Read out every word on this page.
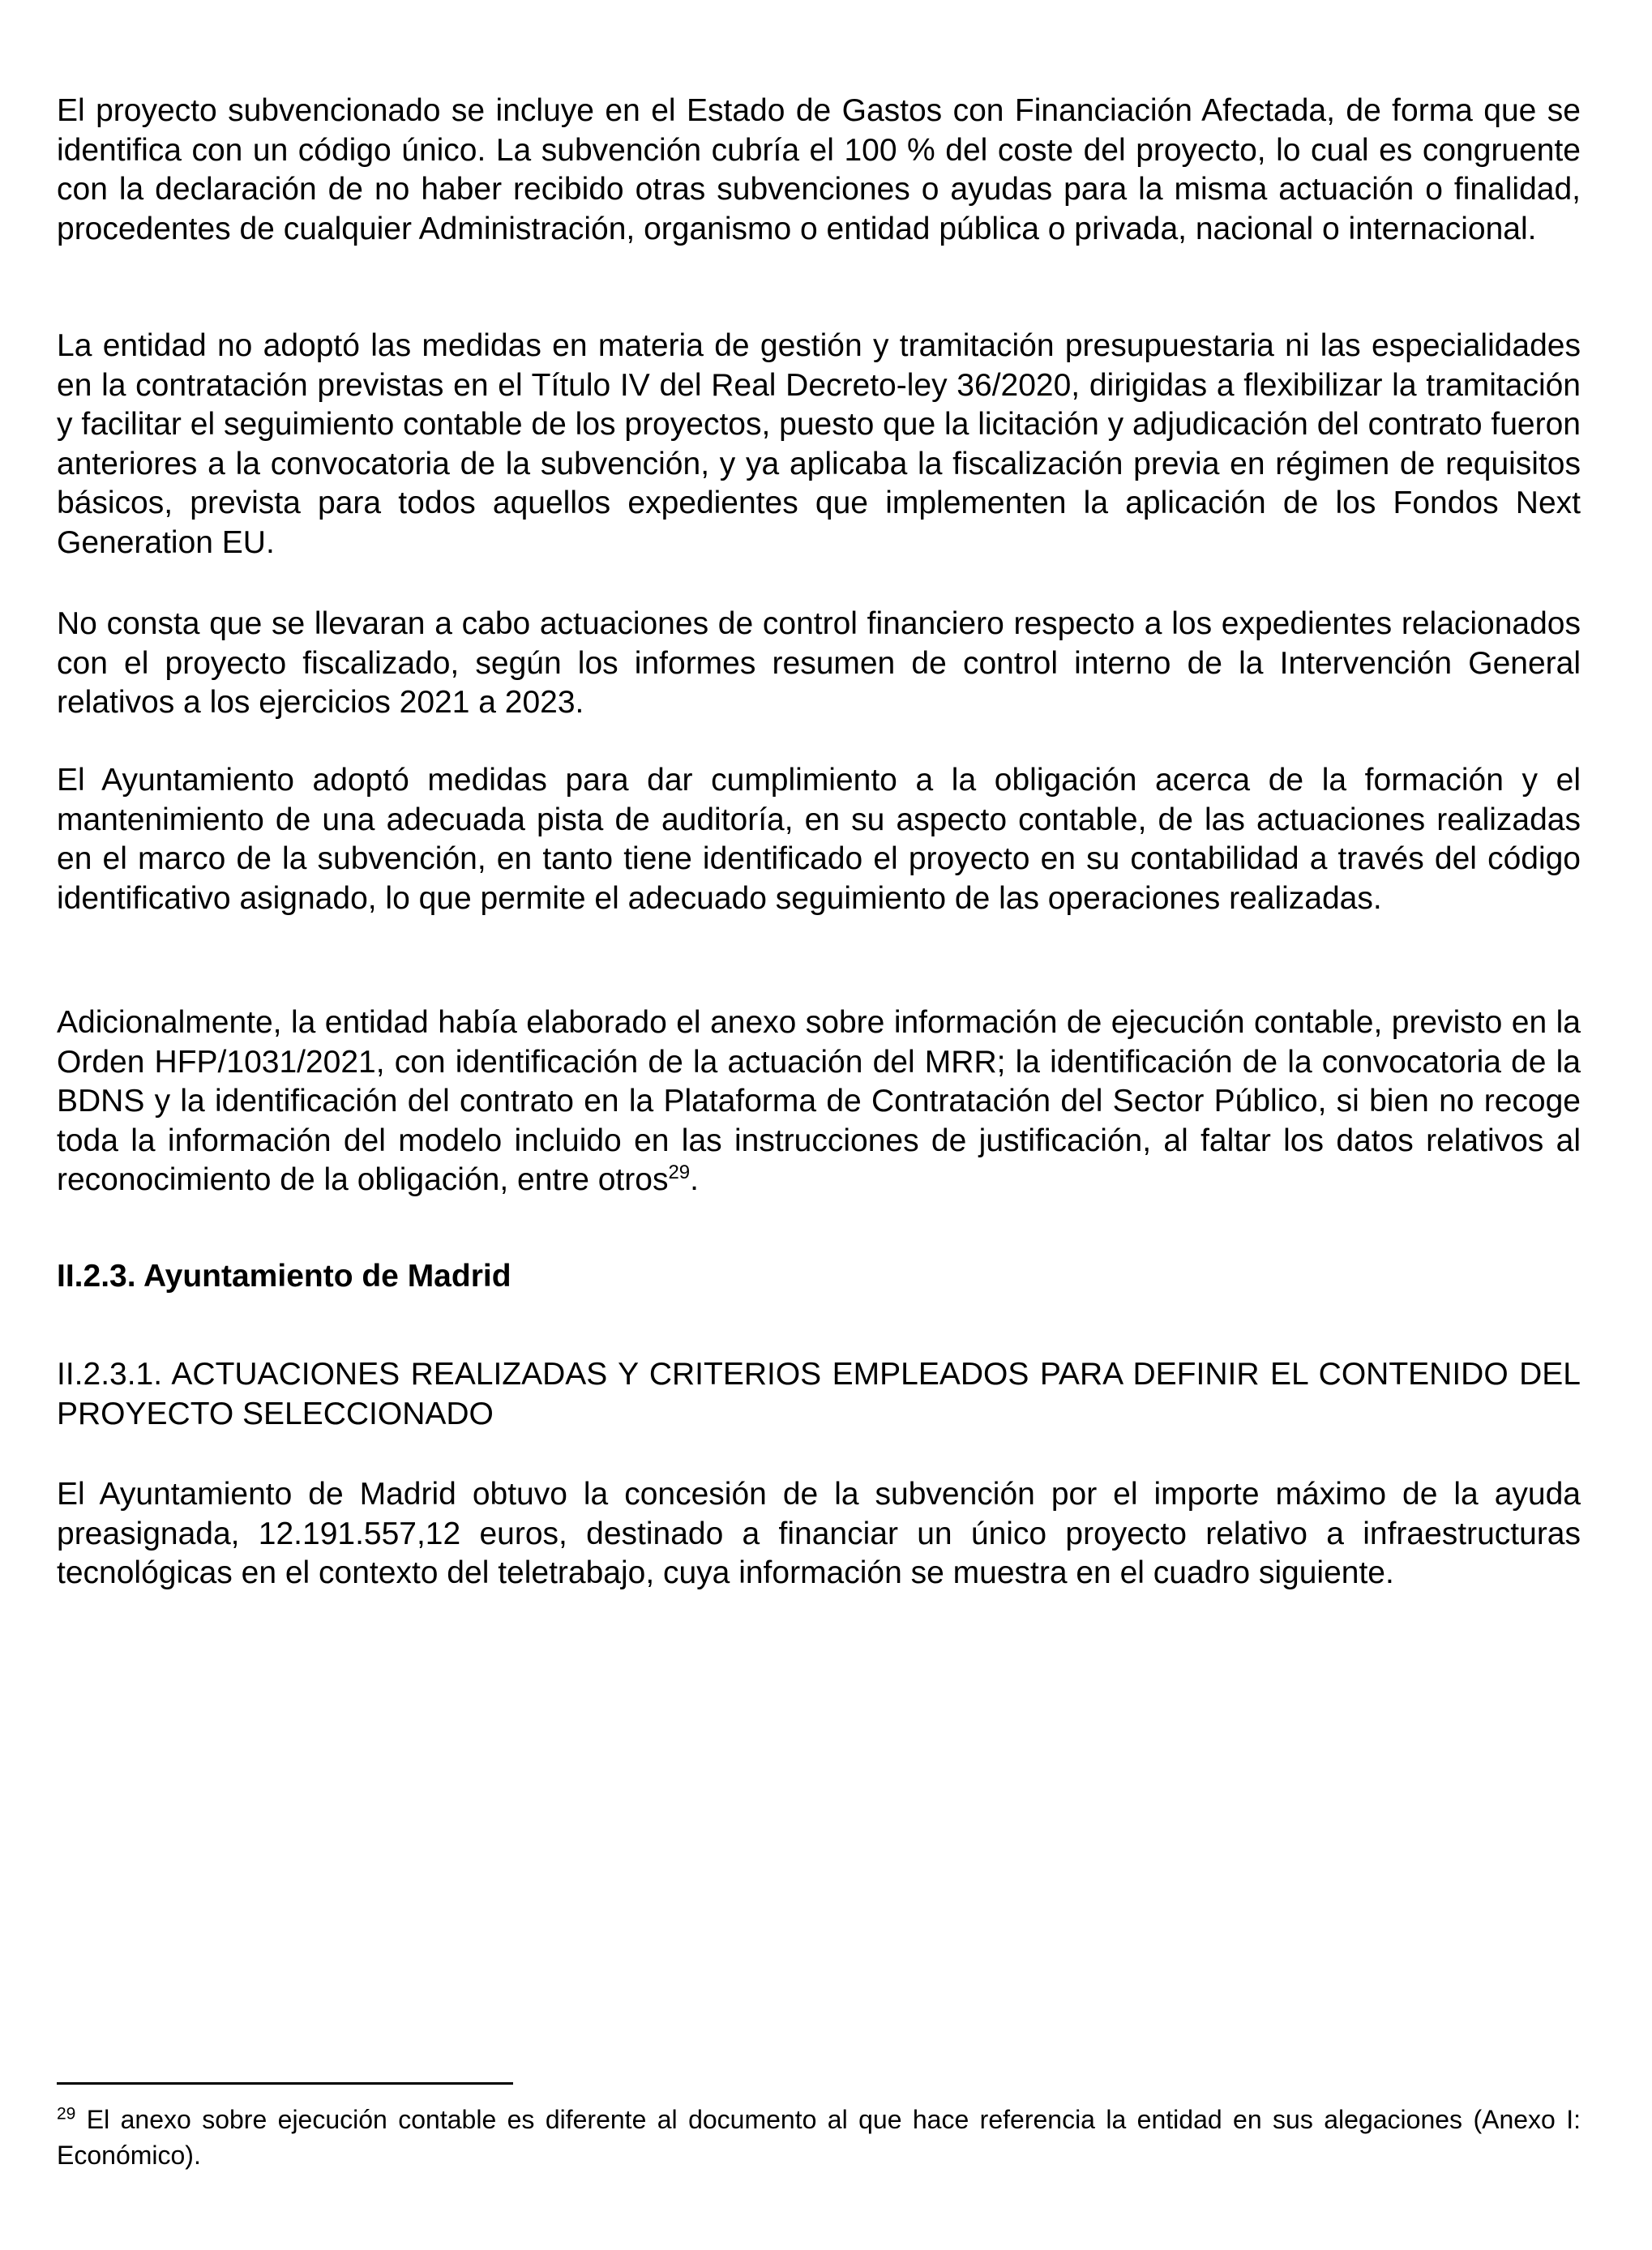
El proyecto subvencionado se incluye en el Estado de Gastos con Financiación Afectada, de forma que se identifica con un código único. La subvención cubría el 100 % del coste del proyecto, lo cual es congruente con la declaración de no haber recibido otras subvenciones o ayudas para la misma actuación o finalidad, procedentes de cualquier Administración, organismo o entidad pública o privada, nacional o internacional.
La entidad no adoptó las medidas en materia de gestión y tramitación presupuestaria ni las especialidades en la contratación previstas en el Título IV del Real Decreto-ley 36/2020, dirigidas a flexibilizar la tramitación y facilitar el seguimiento contable de los proyectos, puesto que la licitación y adjudicación del contrato fueron anteriores a la convocatoria de la subvención, y ya aplicaba la fiscalización previa en régimen de requisitos básicos, prevista para todos aquellos expedientes que implementen la aplicación de los Fondos Next Generation EU.
No consta que se llevaran a cabo actuaciones de control financiero respecto a los expedientes relacionados con el proyecto fiscalizado, según los informes resumen de control interno de la Intervención General relativos a los ejercicios 2021 a 2023.
El Ayuntamiento adoptó medidas para dar cumplimiento a la obligación acerca de la formación y el mantenimiento de una adecuada pista de auditoría, en su aspecto contable, de las actuaciones realizadas en el marco de la subvención, en tanto tiene identificado el proyecto en su contabilidad a través del código identificativo asignado, lo que permite el adecuado seguimiento de las operaciones realizadas.
Adicionalmente, la entidad había elaborado el anexo sobre información de ejecución contable, previsto en la Orden HFP/1031/2021, con identificación de la actuación del MRR; la identificación de la convocatoria de la BDNS y la identificación del contrato en la Plataforma de Contratación del Sector Público, si bien no recoge toda la información del modelo incluido en las instrucciones de justificación, al faltar los datos relativos al reconocimiento de la obligación, entre otros$^{29}$.
II.2.3. Ayuntamiento de Madrid
II.2.3.1. ACTUACIONES REALIZADAS Y CRITERIOS EMPLEADOS PARA DEFINIR EL CONTENIDO DEL PROYECTO SELECCIONADO
El Ayuntamiento de Madrid obtuvo la concesión de la subvención por el importe máximo de la ayuda preasignada, 12.191.557,12 euros, destinado a financiar un único proyecto relativo a infraestructuras tecnológicas en el contexto del teletrabajo, cuya información se muestra en el cuadro siguiente.
$^{29}$ El anexo sobre ejecución contable es diferente al documento al que hace referencia la entidad en sus alegaciones (Anexo I: Económico).
